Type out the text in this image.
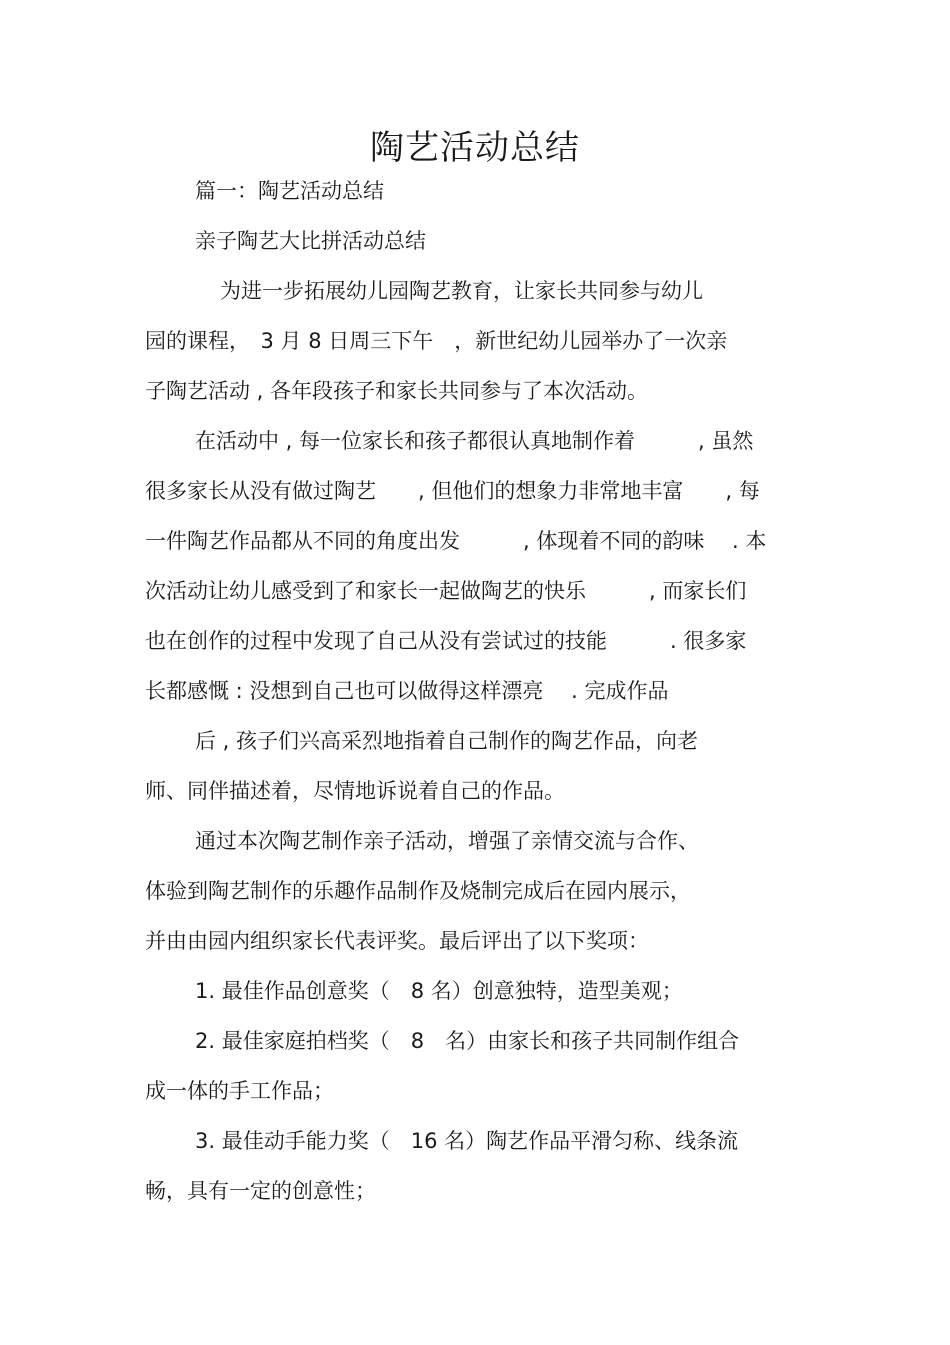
陶艺活动总结
篇一：陶艺活动总结
亲子陶艺大比拼活动总结
为进一步拓展幼儿园陶艺教育，让家长共同参与幼儿
园的课程，　3 月 8 日周三下午　，新世纪幼儿园举办了一次亲
子陶艺活动 , 各年段孩子和家长共同参与了本次活动。
在活动中 , 每一位家长和孩子都很认真地制作着　　　, 虽然
很多家长从没有做过陶艺　　, 但他们的想象力非常地丰富　　, 每
一件陶艺作品都从不同的角度出发　　　, 体现着不同的韵味　 . 本
次活动让幼儿感受到了和家长一起做陶艺的快乐　　　, 而家长们
也在创作的过程中发现了自己从没有尝试过的技能　　　. 很多家
长都感慨 : 没想到自己也可以做得这样漂亮　 . 完成作品
后 , 孩子们兴高采烈地指着自己制作的陶艺作品，向老
师、同伴描述着，尽情地诉说着自己的作品。
通过本次陶艺制作亲子活动，增强了亲情交流与合作、
体验到陶艺制作的乐趣作品制作及烧制完成后在园内展示，
并由由园内组织家长代表评奖。最后评出了以下奖项：
1. 最佳作品创意奖（　8 名）创意独特，造型美观；
2. 最佳家庭拍档奖（　8　名）由家长和孩子共同制作组合
成一体的手工作品；
3. 最佳动手能力奖（　16 名）陶艺作品平滑匀称、线条流
畅，具有一定的创意性；
